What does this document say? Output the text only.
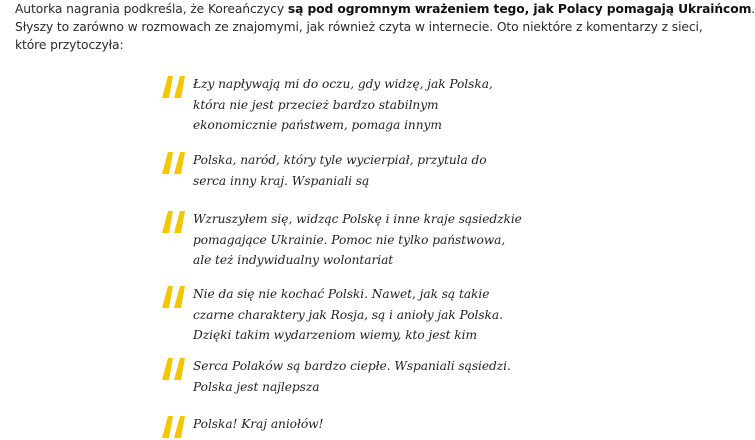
Autorka nagrania podkreśla, że Koreańczycy są pod ogromnym wrażeniem tego, jak Polacy pomagają Ukraińcom.
Słyszy to zarówno w rozmowach ze znajomymi, jak również czyta w internecie. Oto niektóre z komentarzy z sieci,
które przytoczyła:

Łzy napływają mi do oczu, gdy widzę, jak Polska,
która nie jest przecież bardzo stabilnym
ekonomicznie państwem, pomaga innym

Polska, naród, który tyle wycierpiał, przytula do
serca inny kraj. Wspaniali są

Wzruszyłem się, widząc Polskę i inne kraje sąsiedzkie
pomagające Ukrainie. Pomoc nie tylko państwowa,
ale też indywidualny wolontariat

Nie da się nie kochać Polski. Nawet, jak są takie
czarne charaktery jak Rosja, są i anioły jak Polska.
Dzięki takim wydarzeniom wiemy, kto jest kim

Serca Polaków są bardzo ciepłe. Wspaniali sąsiedzi.
Polska jest najlepsza

Polska! Kraj aniołów!
